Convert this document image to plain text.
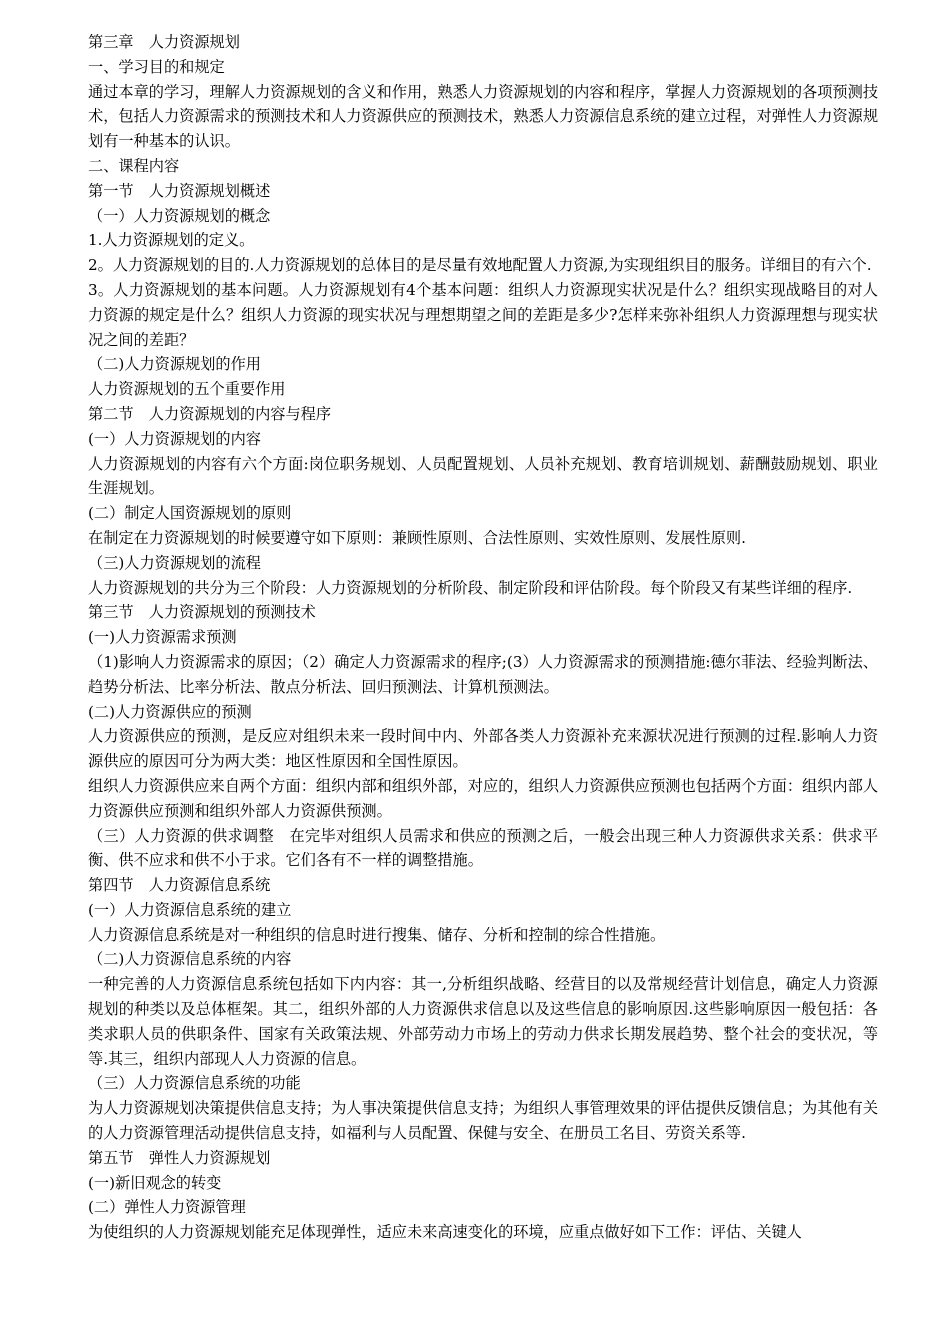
第三章　人力资源规划

一、学习目的和规定

通过本章的学习，理解人力资源规划的含义和作用，熟悉人力资源规划的内容和程序，掌握人力资源规划的各项预测技术，包括人力资源需求的预测技术和人力资源供应的预测技术，熟悉人力资源信息系统的建立过程，对弹性人力资源规划有一种基本的认识。

二、课程内容

第一节　人力资源规划概述

（一）人力资源规划的概念

1.人力资源规划的定义。

2。人力资源规划的目的.人力资源规划的总体目的是尽量有效地配置人力资源,为实现组织目的服务。详细目的有六个.

3。人力资源规划的基本问题。人力资源规划有4个基本问题：组织人力资源现实状况是什么？组织实现战略目的对人力资源的规定是什么？组织人力资源的现实状况与理想期望之间的差距是多少?怎样来弥补组织人力资源理想与现实状况之间的差距？

（二)人力资源规划的作用

人力资源规划的五个重要作用

第二节　人力资源规划的内容与程序

(一）人力资源规划的内容

人力资源规划的内容有六个方面:岗位职务规划、人员配置规划、人员补充规划、教育培训规划、薪酬鼓励规划、职业生涯规划。

(二）制定人国资源规划的原则

在制定在力资源规划的时候要遵守如下原则：兼顾性原则、合法性原则、实效性原则、发展性原则.

（三)人力资源规划的流程

人力资源规划的共分为三个阶段：人力资源规划的分析阶段、制定阶段和评估阶段。每个阶段又有某些详细的程序.

第三节　人力资源规划的预测技术

(一)人力资源需求预测

（1)影响人力资源需求的原因；（2）确定人力资源需求的程序;(3）人力资源需求的预测措施:德尔菲法、经验判断法、趋势分析法、比率分析法、散点分析法、回归预测法、计算机预测法。

(二)人力资源供应的预测

人力资源供应的预测，是反应对组织未来一段时间中内、外部各类人力资源补充来源状况进行预测的过程.影响人力资源供应的原因可分为两大类：地区性原因和全国性原因。

组织人力资源供应来自两个方面：组织内部和组织外部，对应的，组织人力资源供应预测也包括两个方面：组织内部人力资源供应预测和组织外部人力资源供预测。

（三）人力资源的供求调整　在完毕对组织人员需求和供应的预测之后，一般会出现三种人力资源供求关系：供求平衡、供不应求和供不小于求。它们各有不一样的调整措施。

第四节　人力资源信息系统

(一）人力资源信息系统的建立

人力资源信息系统是对一种组织的信息时进行搜集、储存、分析和控制的综合性措施。

（二)人力资源信息系统的内容

一种完善的人力资源信息系统包括如下内内容：其一,分析组织战略、经营目的以及常规经营计划信息，确定人力资源规划的种类以及总体框架。其二，组织外部的人力资源供求信息以及这些信息的影响原因.这些影响原因一般包括：各类求职人员的供职条件、国家有关政策法规、外部劳动力市场上的劳动力供求长期发展趋势、整个社会的变状况，等等.其三，组织内部现人人力资源的信息。

（三）人力资源信息系统的功能

为人力资源规划决策提供信息支持；为人事决策提供信息支持；为组织人事管理效果的评估提供反馈信息；为其他有关的人力资源管理活动提供信息支持，如福利与人员配置、保健与安全、在册员工名目、劳资关系等.

第五节　弹性人力资源规划

(一)新旧观念的转变

(二）弹性人力资源管理

为使组织的人力资源规划能充足体现弹性，适应未来高速变化的环境，应重点做好如下工作：评估、关键人
